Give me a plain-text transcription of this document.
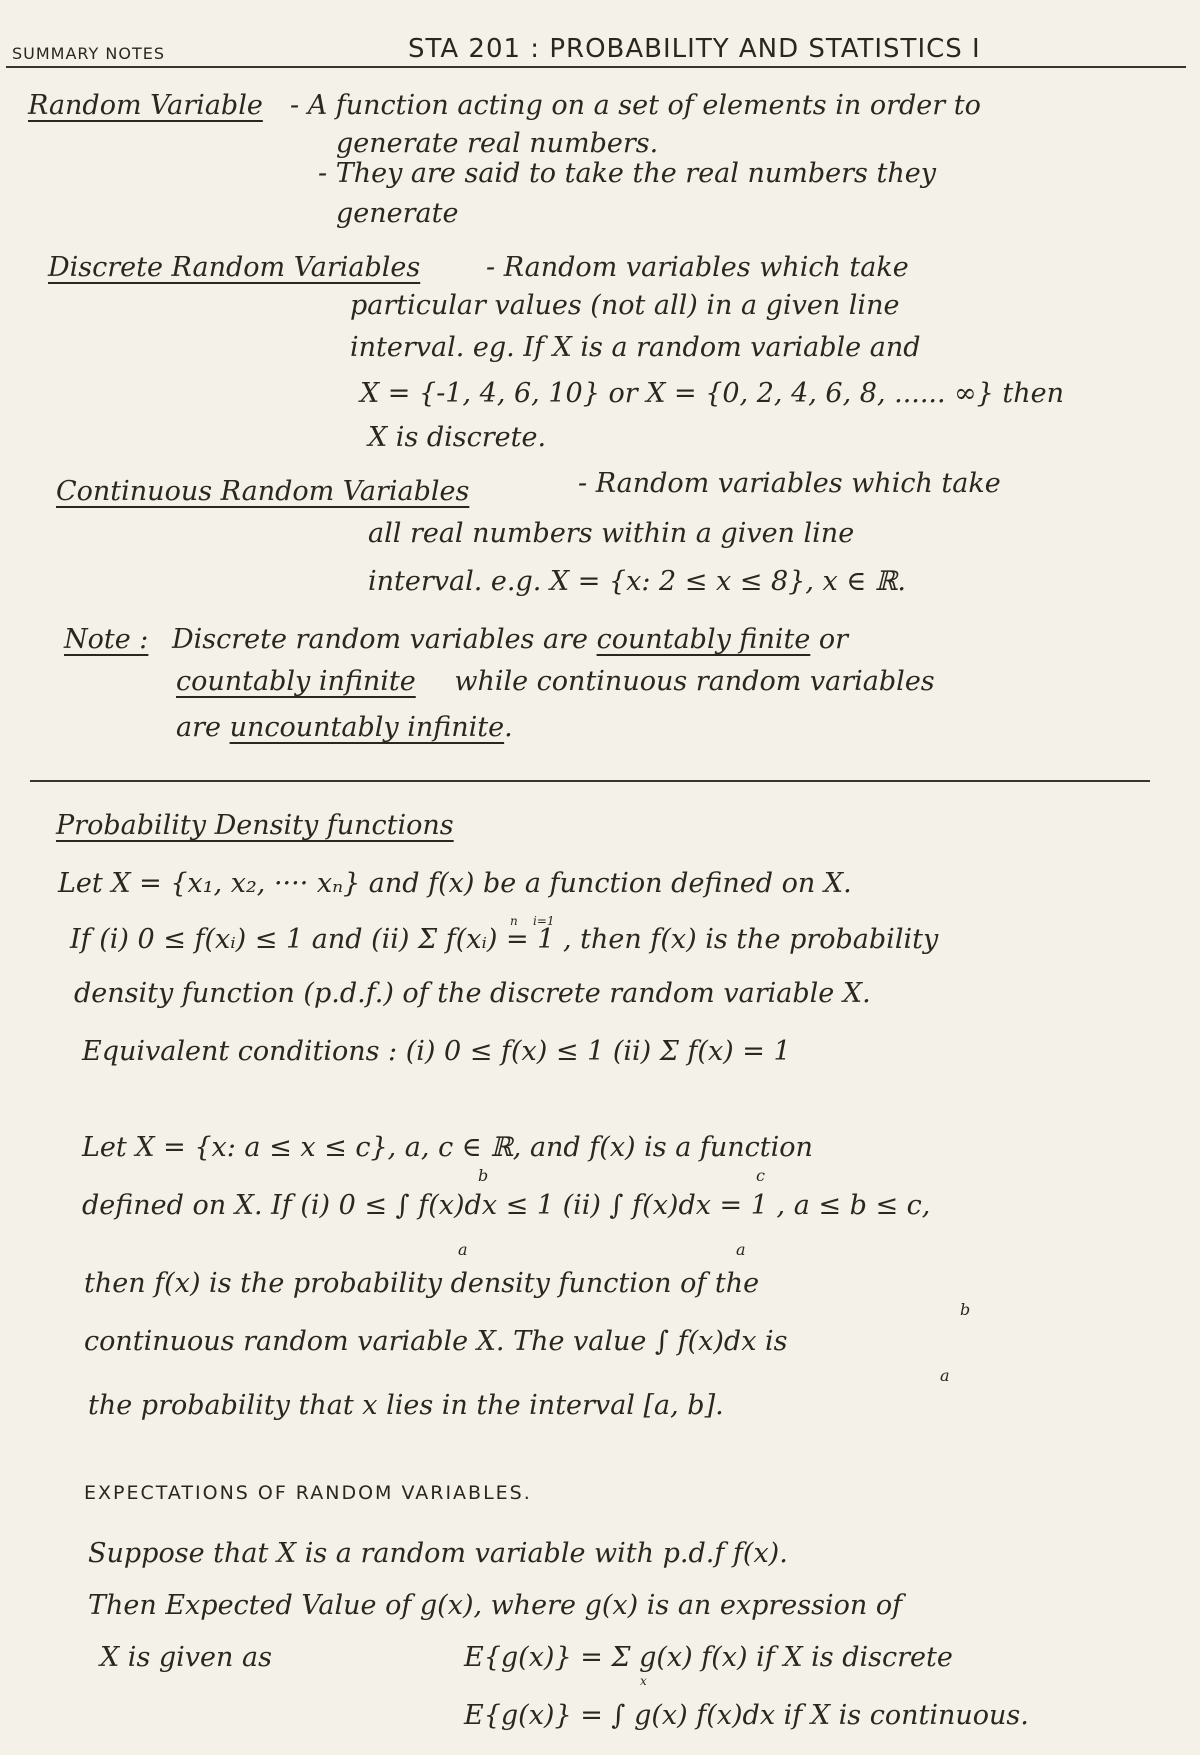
SUMMARY NOTES	STA 201 : PROBABILITY AND STATISTICS I
Random Variable - A function acting on a set of elements in order to
generate real numbers.
- They are said to take the real numbers they
generate
Discrete Random Variables - Random variables which take
particular values (not all) in a given line
interval. eg. If X is a random variable and
X = {-1, 4, 6, 10} or X = {0, 2, 4, 6, 8, ...... ∞} then
X is discrete.
Continuous Random Variables	- Random variables which take
all real numbers within a given line
interval. e.g. X = {x: 2 ≤ x ≤ 8}, x ∈ ℝ.
Note : Discrete random variables are countably finite or
countably infinite while continuous random variables
are uncountably infinite.
Probability Density functions
Let X = {x₁, x₂, ···· xₙ} and f(x) be a function defined on X.
If (i) 0 ≤ f(xᵢ) ≤ 1 and (ii) Σ f(xᵢ) = 1 , then f(x) is the probability
n    i=1
density function (p.d.f.) of the discrete random variable X.
Equivalent conditions : (i) 0 ≤ f(x) ≤ 1 (ii) Σ f(x) = 1
Let X = {x: a ≤ x ≤ c}, a, c ∈ ℝ, and f(x) is a function
b
defined on X. If (i) 0 ≤ ∫ f(x)dx ≤ 1 (ii) ∫ f(x)dx = 1 , a ≤ b ≤ c,
a
c
a
then f(x) is the probability density function of the
b
continuous random variable X. The value ∫ f(x)dx is
a
the probability that x lies in the interval [a, b].
EXPECTATIONS OF RANDOM VARIABLES.
Suppose that X is a random variable with p.d.f f(x).
Then Expected Value of g(x), where g(x) is an expression of
X is given as	E{g(x)} = Σ g(x) f(x) if X is discrete
x
E{g(x)} = ∫ g(x) f(x)dx if X is continuous.
